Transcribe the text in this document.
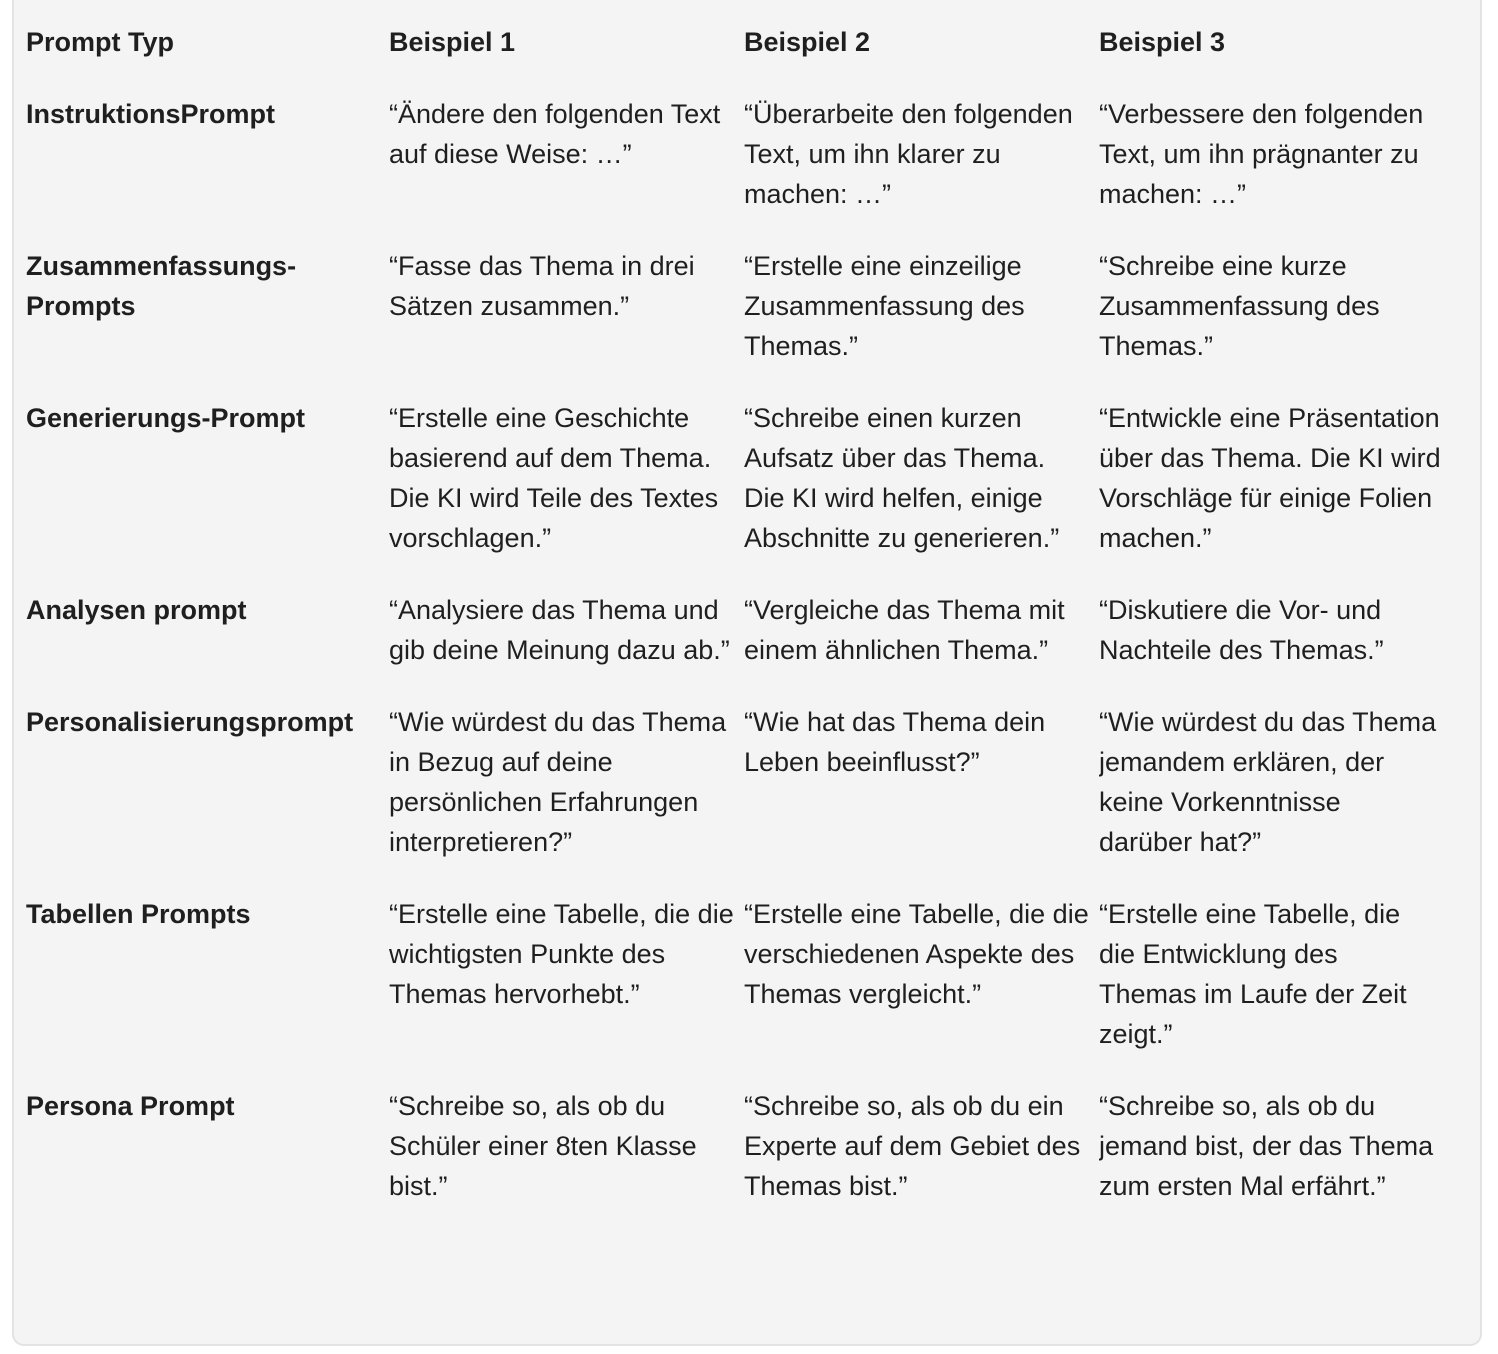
Prompt Typ	Beispiel 1	Beispiel 2	Beispiel 3
InstruktionsPrompt	“Ändere den folgenden Text auf diese Weise: …”	“Überarbeite den folgenden Text, um ihn klarer zu machen: …”	“Verbessere den folgenden Text, um ihn prägnanter zu machen: …”
Zusammenfassungs-Prompts	“Fasse das Thema in drei Sätzen zusammen.”	“Erstelle eine einzeilige Zusammenfassung des Themas.”	“Schreibe eine kurze Zusammenfassung des Themas.”
Generierungs-Prompt	“Erstelle eine Geschichte basierend auf dem Thema. Die KI wird Teile des Textes vorschlagen.”	“Schreibe einen kurzen Aufsatz über das Thema. Die KI wird helfen, einige Abschnitte zu generieren.”	“Entwickle eine Präsentation über das Thema. Die KI wird Vorschläge für einige Folien machen.”
Analysen prompt	“Analysiere das Thema und gib deine Meinung dazu ab.”	“Vergleiche das Thema mit einem ähnlichen Thema.”	“Diskutiere die Vor- und Nachteile des Themas.”
Personalisierungsprompt	“Wie würdest du das Thema in Bezug auf deine persönlichen Erfahrungen interpretieren?”	“Wie hat das Thema dein Leben beeinflusst?”	“Wie würdest du das Thema jemandem erklären, der keine Vorkenntnisse darüber hat?”
Tabellen Prompts	“Erstelle eine Tabelle, die die wichtigsten Punkte des Themas hervorhebt.”	“Erstelle eine Tabelle, die die verschiedenen Aspekte des Themas vergleicht.”	“Erstelle eine Tabelle, die die Entwicklung des Themas im Laufe der Zeit zeigt.”
Persona Prompt	“Schreibe so, als ob du Schüler einer 8ten Klasse bist.”	“Schreibe so, als ob du ein Experte auf dem Gebiet des Themas bist.”	“Schreibe so, als ob du jemand bist, der das Thema zum ersten Mal erfährt.”
